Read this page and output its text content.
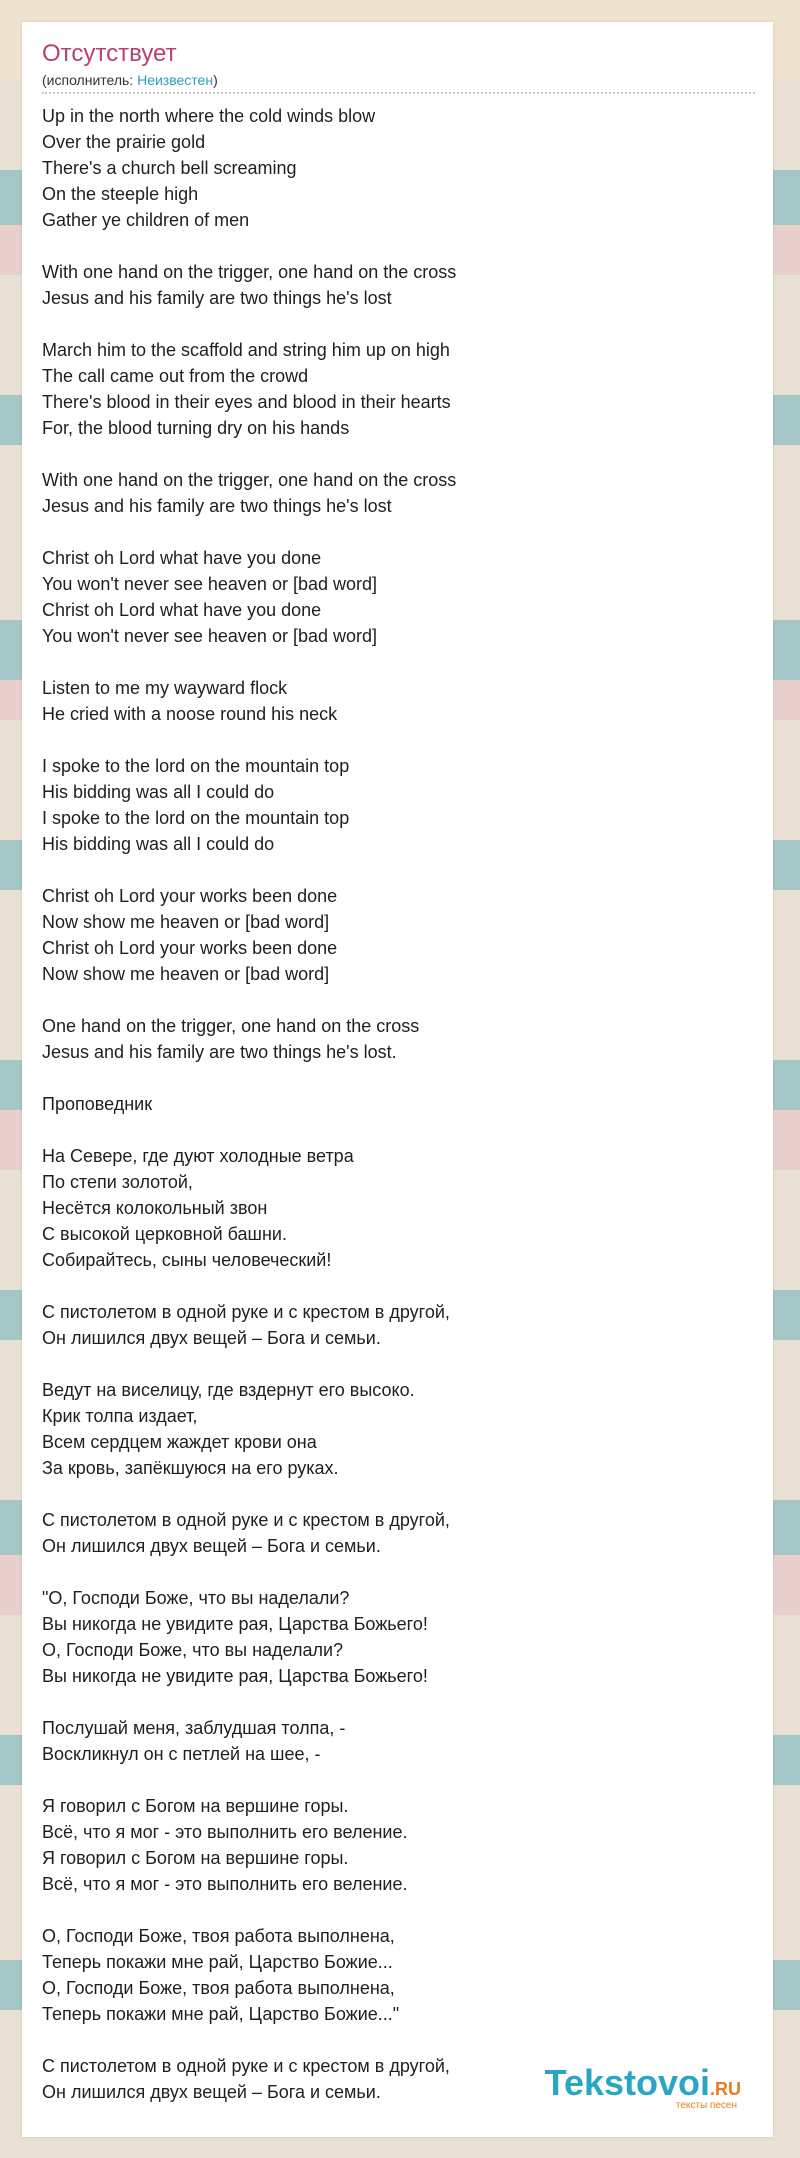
Отсутствует
(исполнитель: Неизвестен)
Up in the north where the cold winds blow
Over the prairie gold
There's a church bell screaming
On the steeple high
Gather ye children of men
With one hand on the trigger, one hand on the cross
Jesus and his family are two things he's lost
March him to the scaffold and string him up on high
The call came out from the crowd
There's blood in their eyes and blood in their hearts
For, the blood turning dry on his hands
With one hand on the trigger, one hand on the cross
Jesus and his family are two things he's lost
Christ oh Lord what have you done
You won't never see heaven or [bad word]
Christ oh Lord what have you done
You won't never see heaven or [bad word]
Listen to me my wayward flock
He cried with a noose round his neck
I spoke to the lord on the mountain top
His bidding was all I could do
I spoke to the lord on the mountain top
His bidding was all I could do
Christ oh Lord your works been done
Now show me heaven or [bad word]
Christ oh Lord your works been done
Now show me heaven or [bad word]
One hand on the trigger, one hand on the cross
Jesus and his family are two things he's lost.
Проповедник
На Севере, где дуют холодные ветра
По степи золотой,
Несётся колокольный звон
С высокой церковной башни.
Собирайтесь, сыны человеческий!
С пистолетом в одной руке и с крестом в другой,
Он лишился двух вещей – Бога и семьи.
Ведут на виселицу, где вздернут его высоко.
Крик толпа издает,
Всем сердцем жаждет крови она
За кровь, запёкшуюся на его руках.
С пистолетом в одной руке и с крестом в другой,
Он лишился двух вещей – Бога и семьи.
"О, Господи Боже, что вы наделали?
Вы никогда не увидите рая, Царства Божьего!
О, Господи Боже, что вы наделали?
Вы никогда не увидите рая, Царства Божьего!
Послушай меня, заблудшая толпа, -
Воскликнул он с петлей на шее, -
Я говорил с Богом на вершине горы.
Всё, что я мог - это выполнить его веление.
Я говорил с Богом на вершине горы.
Всё, что я мог - это выполнить его веление.
О, Господи Боже, твоя работа выполнена,
Теперь покажи мне рай, Царство Божие...
О, Господи Боже, твоя работа выполнена,
Теперь покажи мне рай, Царство Божие..."
С пистолетом в одной руке и с крестом в другой,
Он лишился двух вещей – Бога и семьи.	Tekstovoi.RU
тексты песен
